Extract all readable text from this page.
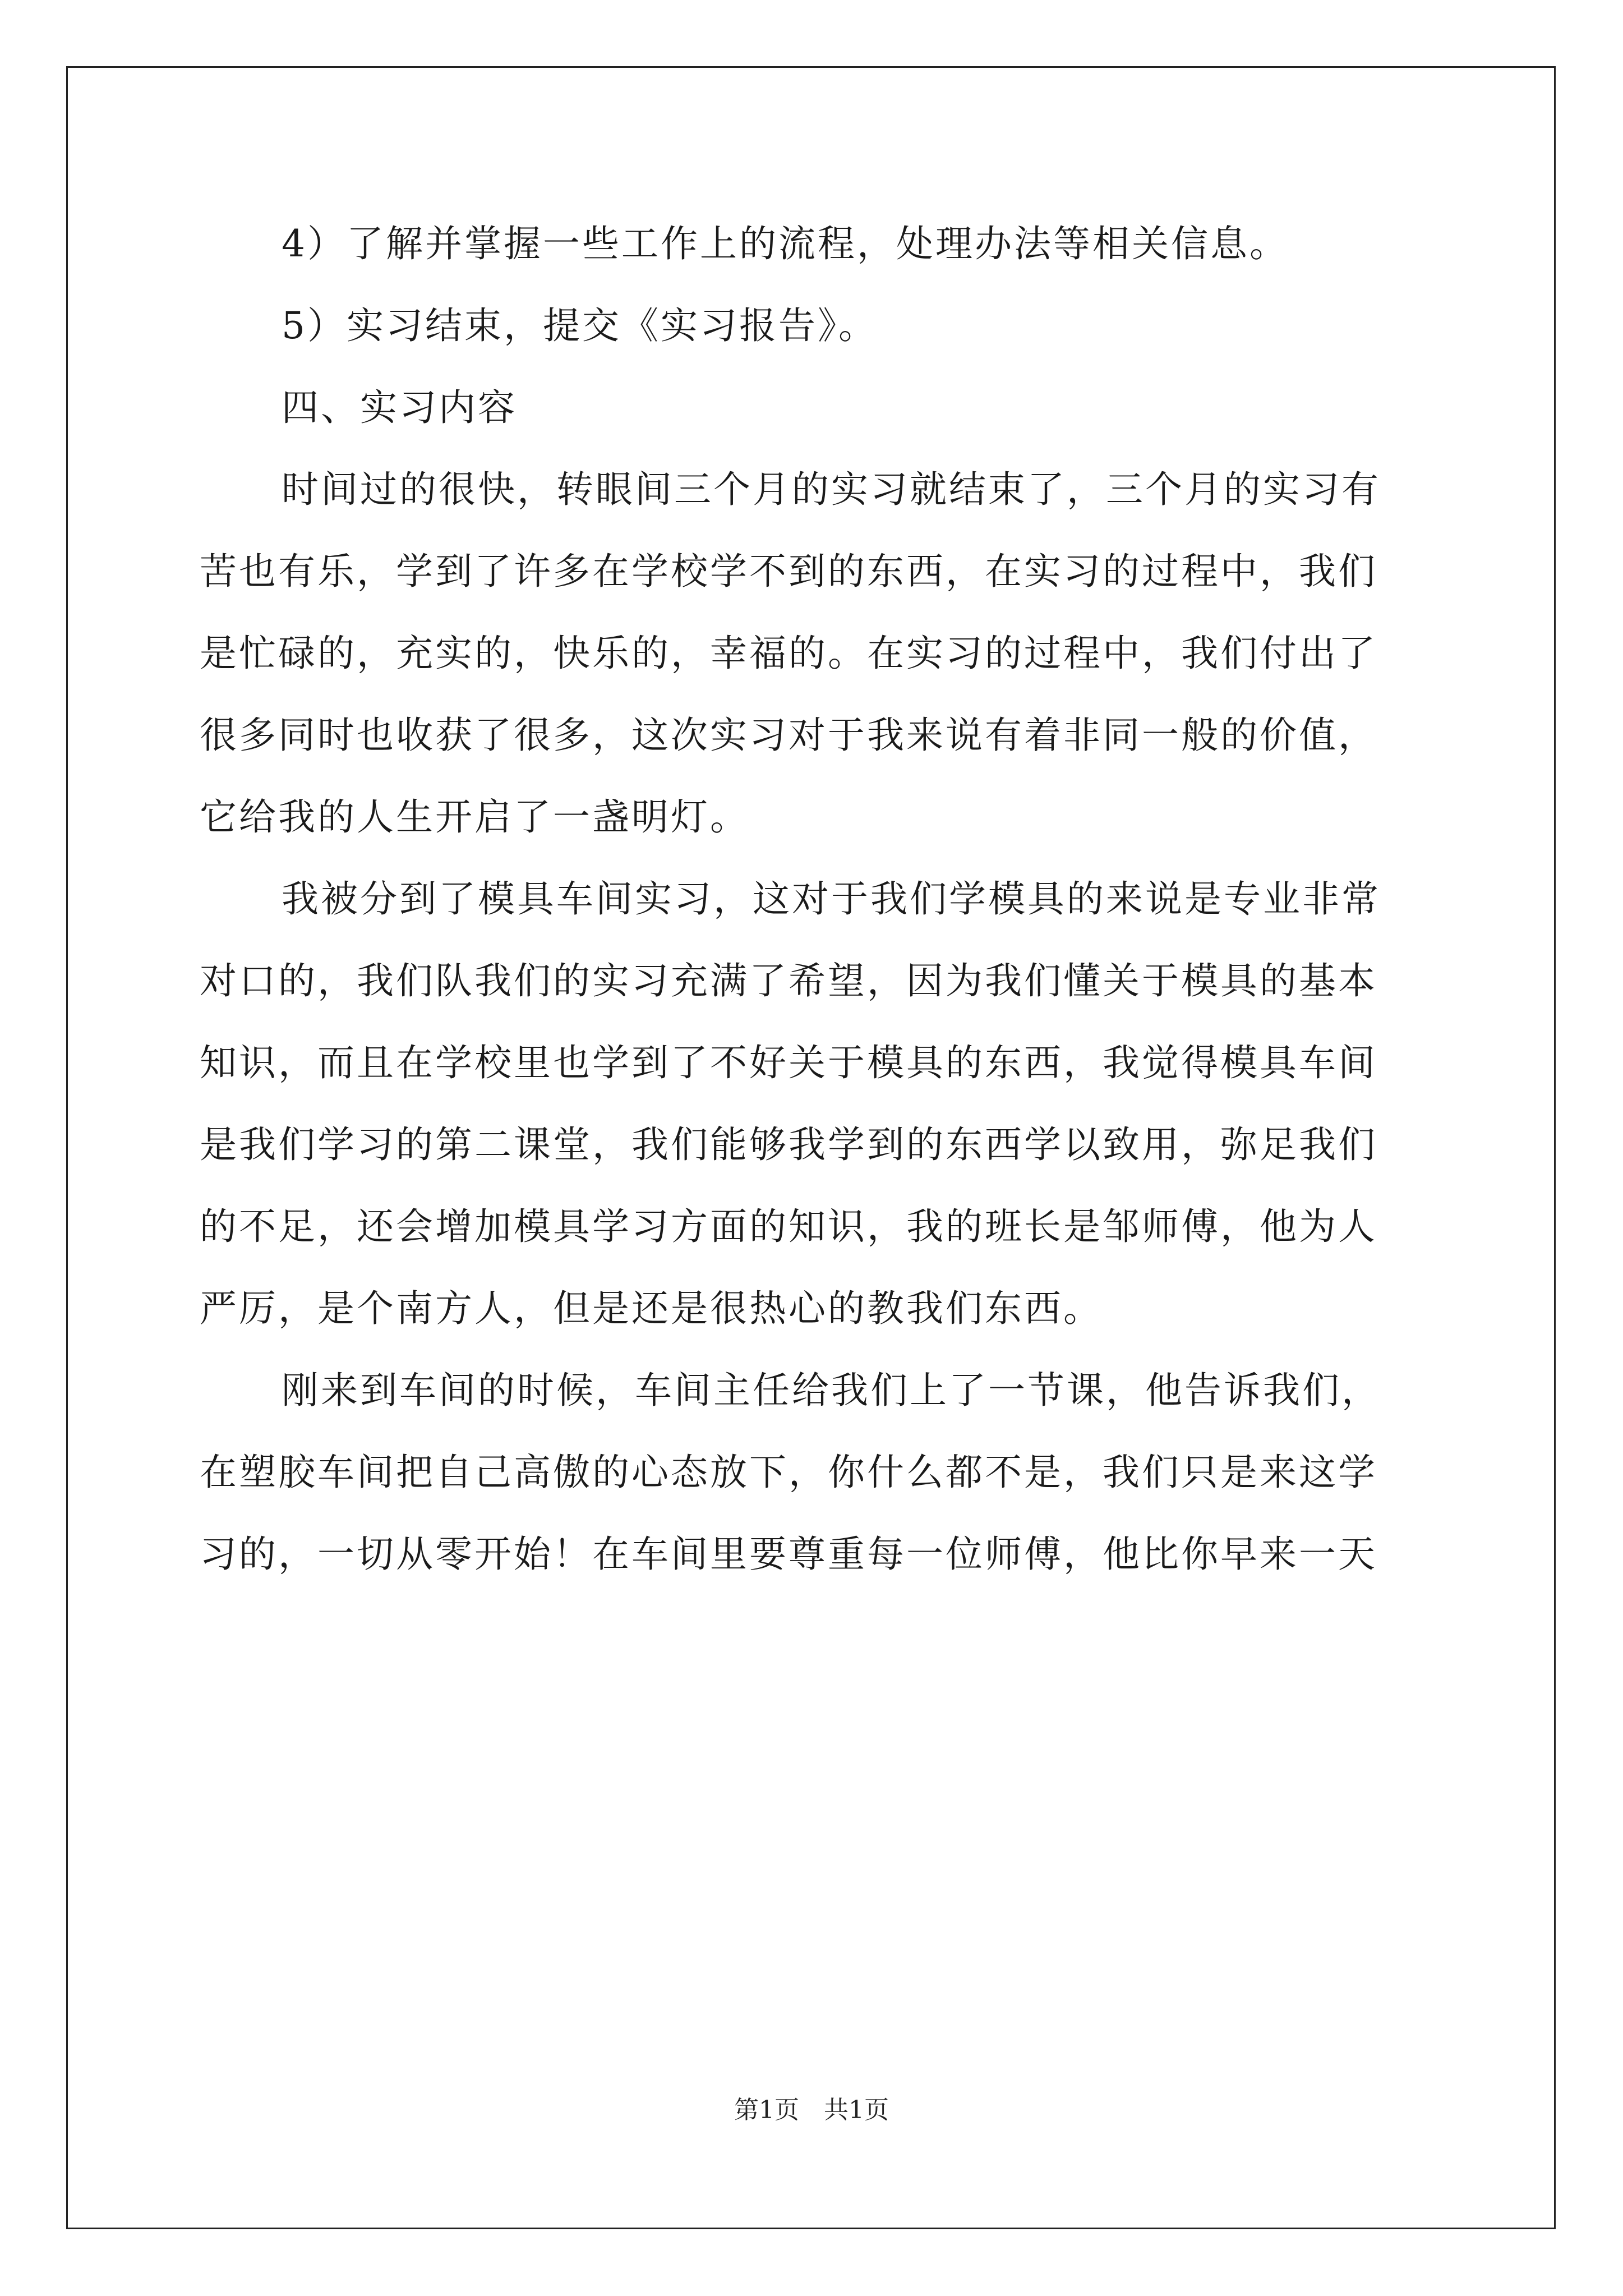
4）了解并掌握一些工作上的流程，处理办法等相关信息。

5）实习结束，提交《实习报告》。

四、实习内容

时间过的很快，转眼间三个月的实习就结束了，三个月的实习有

苦也有乐，学到了许多在学校学不到的东西，在实习的过程中，我们

是忙碌的，充实的，快乐的，幸福的。在实习的过程中，我们付出了

很多同时也收获了很多，这次实习对于我来说有着非同一般的价值，

它给我的人生开启了一盏明灯。

我被分到了模具车间实习，这对于我们学模具的来说是专业非常

对口的，我们队我们的实习充满了希望，因为我们懂关于模具的基本

知识，而且在学校里也学到了不好关于模具的东西，我觉得模具车间

是我们学习的第二课堂，我们能够我学到的东西学以致用，弥足我们

的不足，还会增加模具学习方面的知识，我的班长是邹师傅，他为人

严厉，是个南方人，但是还是很热心的教我们东西。

刚来到车间的时候，车间主任给我们上了一节课，他告诉我们，

在塑胶车间把自己高傲的心态放下，你什么都不是，我们只是来这学

习的，一切从零开始！在车间里要尊重每一位师傅，他比你早来一天

第1页　共1页
